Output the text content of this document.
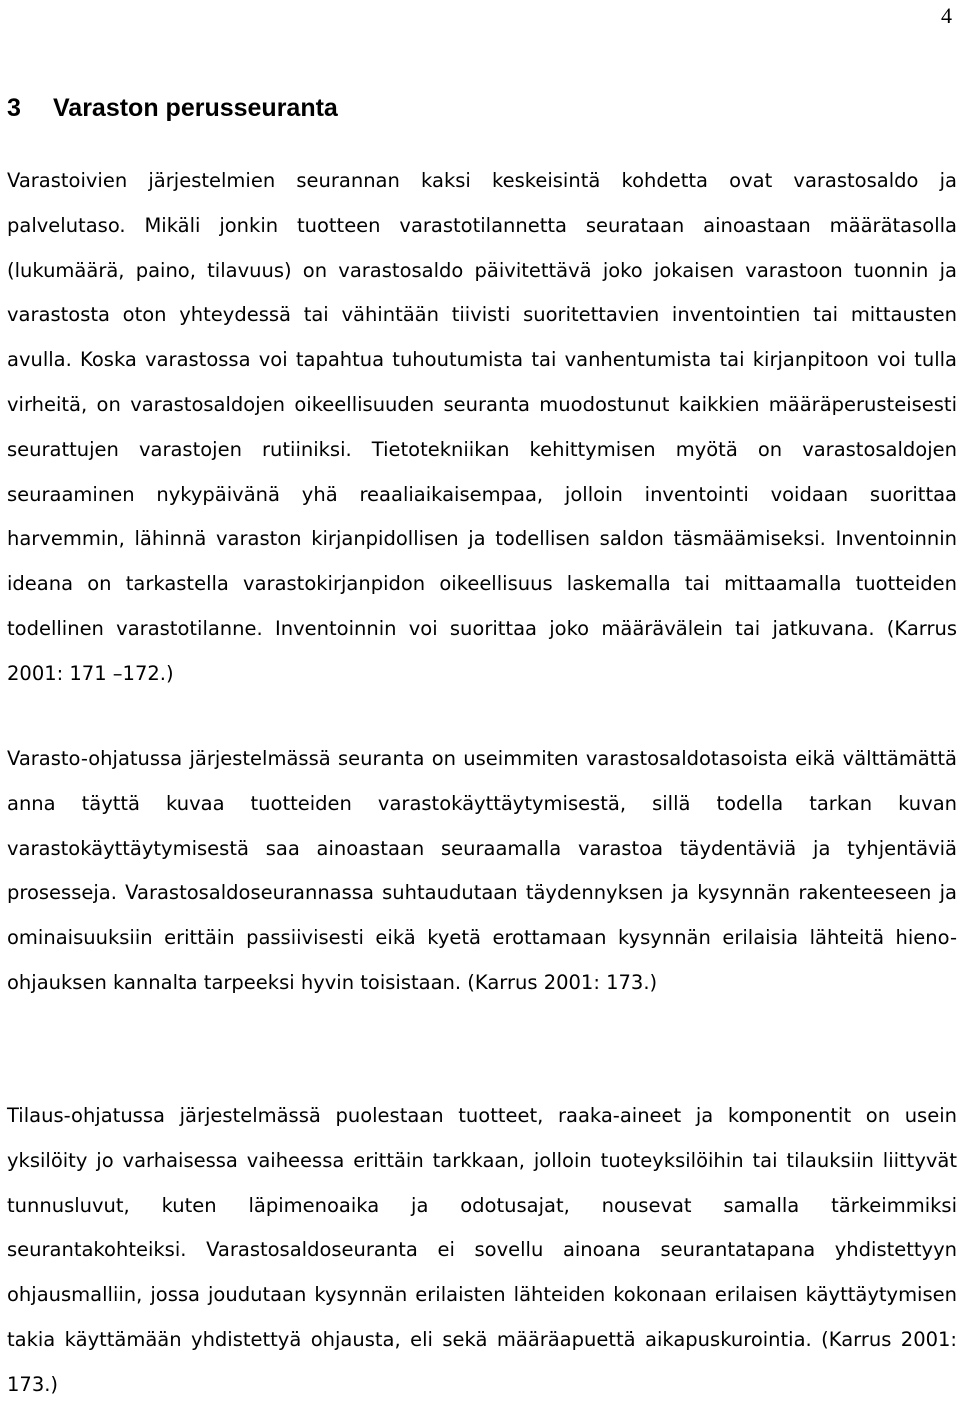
4
3 Varaston perusseuranta

Varastoivien järjestelmien seurannan kaksi keskeisintä kohdetta ovat varastosaldo ja palvelutaso. Mikäli jonkin tuotteen varastotilannetta seurataan ainoastaan määrätasolla (lukumäärä, paino, tilavuus) on varastosaldo päivitettävä joko jokaisen varastoon tuonnin ja varastosta oton yhteydessä tai vähintään tiivisti suoritettavien inventointien tai mittausten avulla. Koska varastossa voi tapahtua tuhoutumista tai vanhentumista tai kirjanpitoon voi tulla virheitä, on varastosaldojen oikeellisuuden seuranta muodostunut kaikkien määräperusteisesti seurattujen varastojen rutiiniksi. Tietotekniikan kehittymisen myötä on varastosaldojen seuraaminen nykypäivänä yhä reaaliaikaisempaa, jolloin inventointi voidaan suorittaa harvemmin, lähinnä varaston kirjanpidollisen ja todellisen saldon täsmäämiseksi. Inventoinnin ideana on tarkastella varastokirjanpidon oikeellisuus laskemalla tai mittaamalla tuotteiden todellinen varastotilanne. Inventoinnin voi suorittaa joko määrävälein tai jatkuvana. (Karrus 2001: 171 –172.)

Varasto-ohjatussa järjestelmässä seuranta on useimmiten varastosaldotasoista eikä välttämättä anna täyttä kuvaa tuotteiden varastokäyttäytymisestä, sillä todella tarkan kuvan varastokäyttäytymisestä saa ainoastaan seuraamalla varastoa täydentäviä ja tyhjentäviä prosesseja. Varastosaldoseurannassa suhtaudutaan täydennyksen ja kysynnän rakenteeseen ja ominaisuuksiin erittäin passiivisesti eikä kyetä erottamaan kysynnän erilaisia lähteitä hieno-ohjauksen kannalta tarpeeksi hyvin toisistaan. (Karrus 2001: 173.)

Tilaus-ohjatussa järjestelmässä puolestaan tuotteet, raaka-aineet ja komponentit on usein yksilöity jo varhaisessa vaiheessa erittäin tarkkaan, jolloin tuoteyksilöihin tai tilauksiin liittyvät tunnusluvut, kuten läpimenoaika ja odotusajat, nousevat samalla tärkeimmiksi seurantakohteiksi. Varastosaldoseuranta ei sovellu ainoana seurantatapana yhdistettyyn ohjausmalliin, jossa joudutaan kysynnän erilaisten lähteiden kokonaan erilaisen käyttäytymisen takia käyttämään yhdistettyä ohjausta, eli sekä määräapuettä aikapuskurointia. (Karrus 2001: 173.)
